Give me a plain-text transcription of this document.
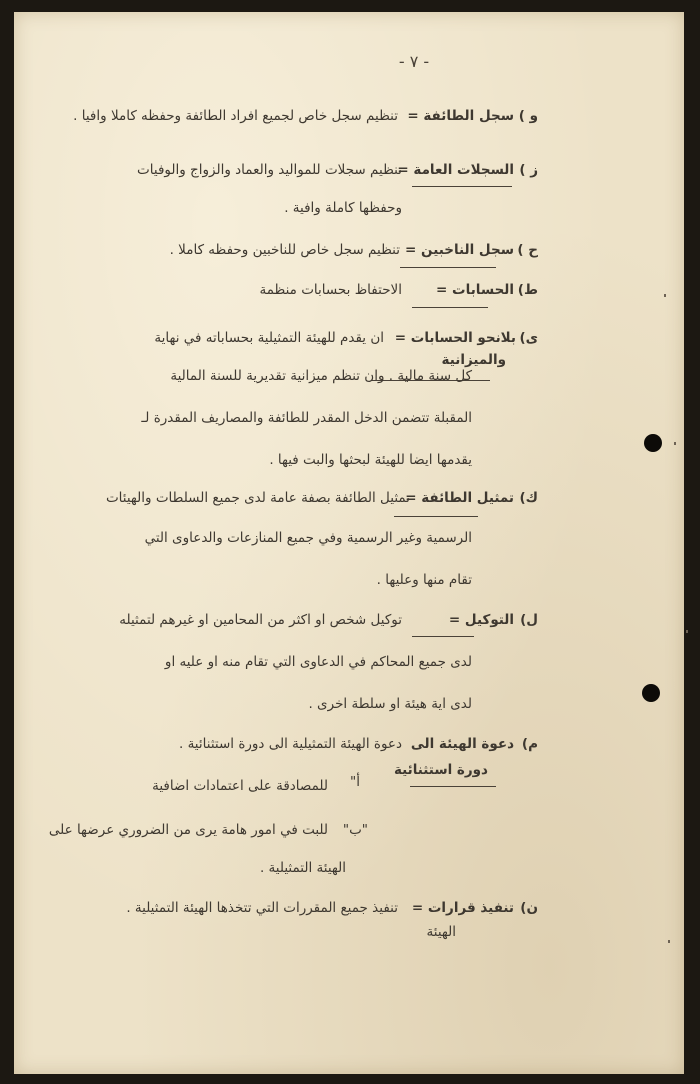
- ٧ -
و )
سجل الطائفة =
تنظيم سجل خاص لجميع افراد الطائفة وحفظه كاملا وافيا .
ز )
السجلات العامة =
تنظيم سجلات للمواليد والعماد والزواج والوفيات
وحفظها كاملة وافية .
ح )
سجل الناخبين =
تنظيم سجل خاص للناخبين وحفظه كاملا .
ط)
الحسابات =
الاحتفاظ بحسابات منظمة
ى)
بلانحو الحسابات =
ان يقدم للهيئة التمثيلية بحساباته في نهاية
والميزانية
كل سنة مالية . وان تنظم ميزانية تقديرية للسنة المالية
المقبلة تتضمن الدخل المقدر للطائفة والمصاريف المقدرة لـ
يقدمها ايضا للهيئة لبحثها والبت فيها .
ك)
تمثيل الطائفة =
تمثيل الطائفة بصفة عامة لدى جميع السلطات والهيئات
الرسمية وغير الرسمية وفي جميع المنازعات والدعاوى التي
تقام منها وعليها .
ل)
التوكيل =
توكيل شخص او اكثر من المحامين او غيرهم لتمثيله
لدى جميع المحاكم في الدعاوى التي تقام منه او عليه او
لدى اية هيئة او سلطة اخرى .
م)
دعوة الهيئة الى
دعوة الهيئة التمثيلية الى دورة استثنائية .
دورة استثنائية
أ"
للمصادقة على اعتمادات اضافية
"ب"
للبت في امور هامة يرى من الضروري عرضها على
الهيئة التمثيلية .
ن)
تنفيذ قرارات =
تنفيذ جميع المقررات التي تتخذها الهيئة التمثيلية .
الهيئة
